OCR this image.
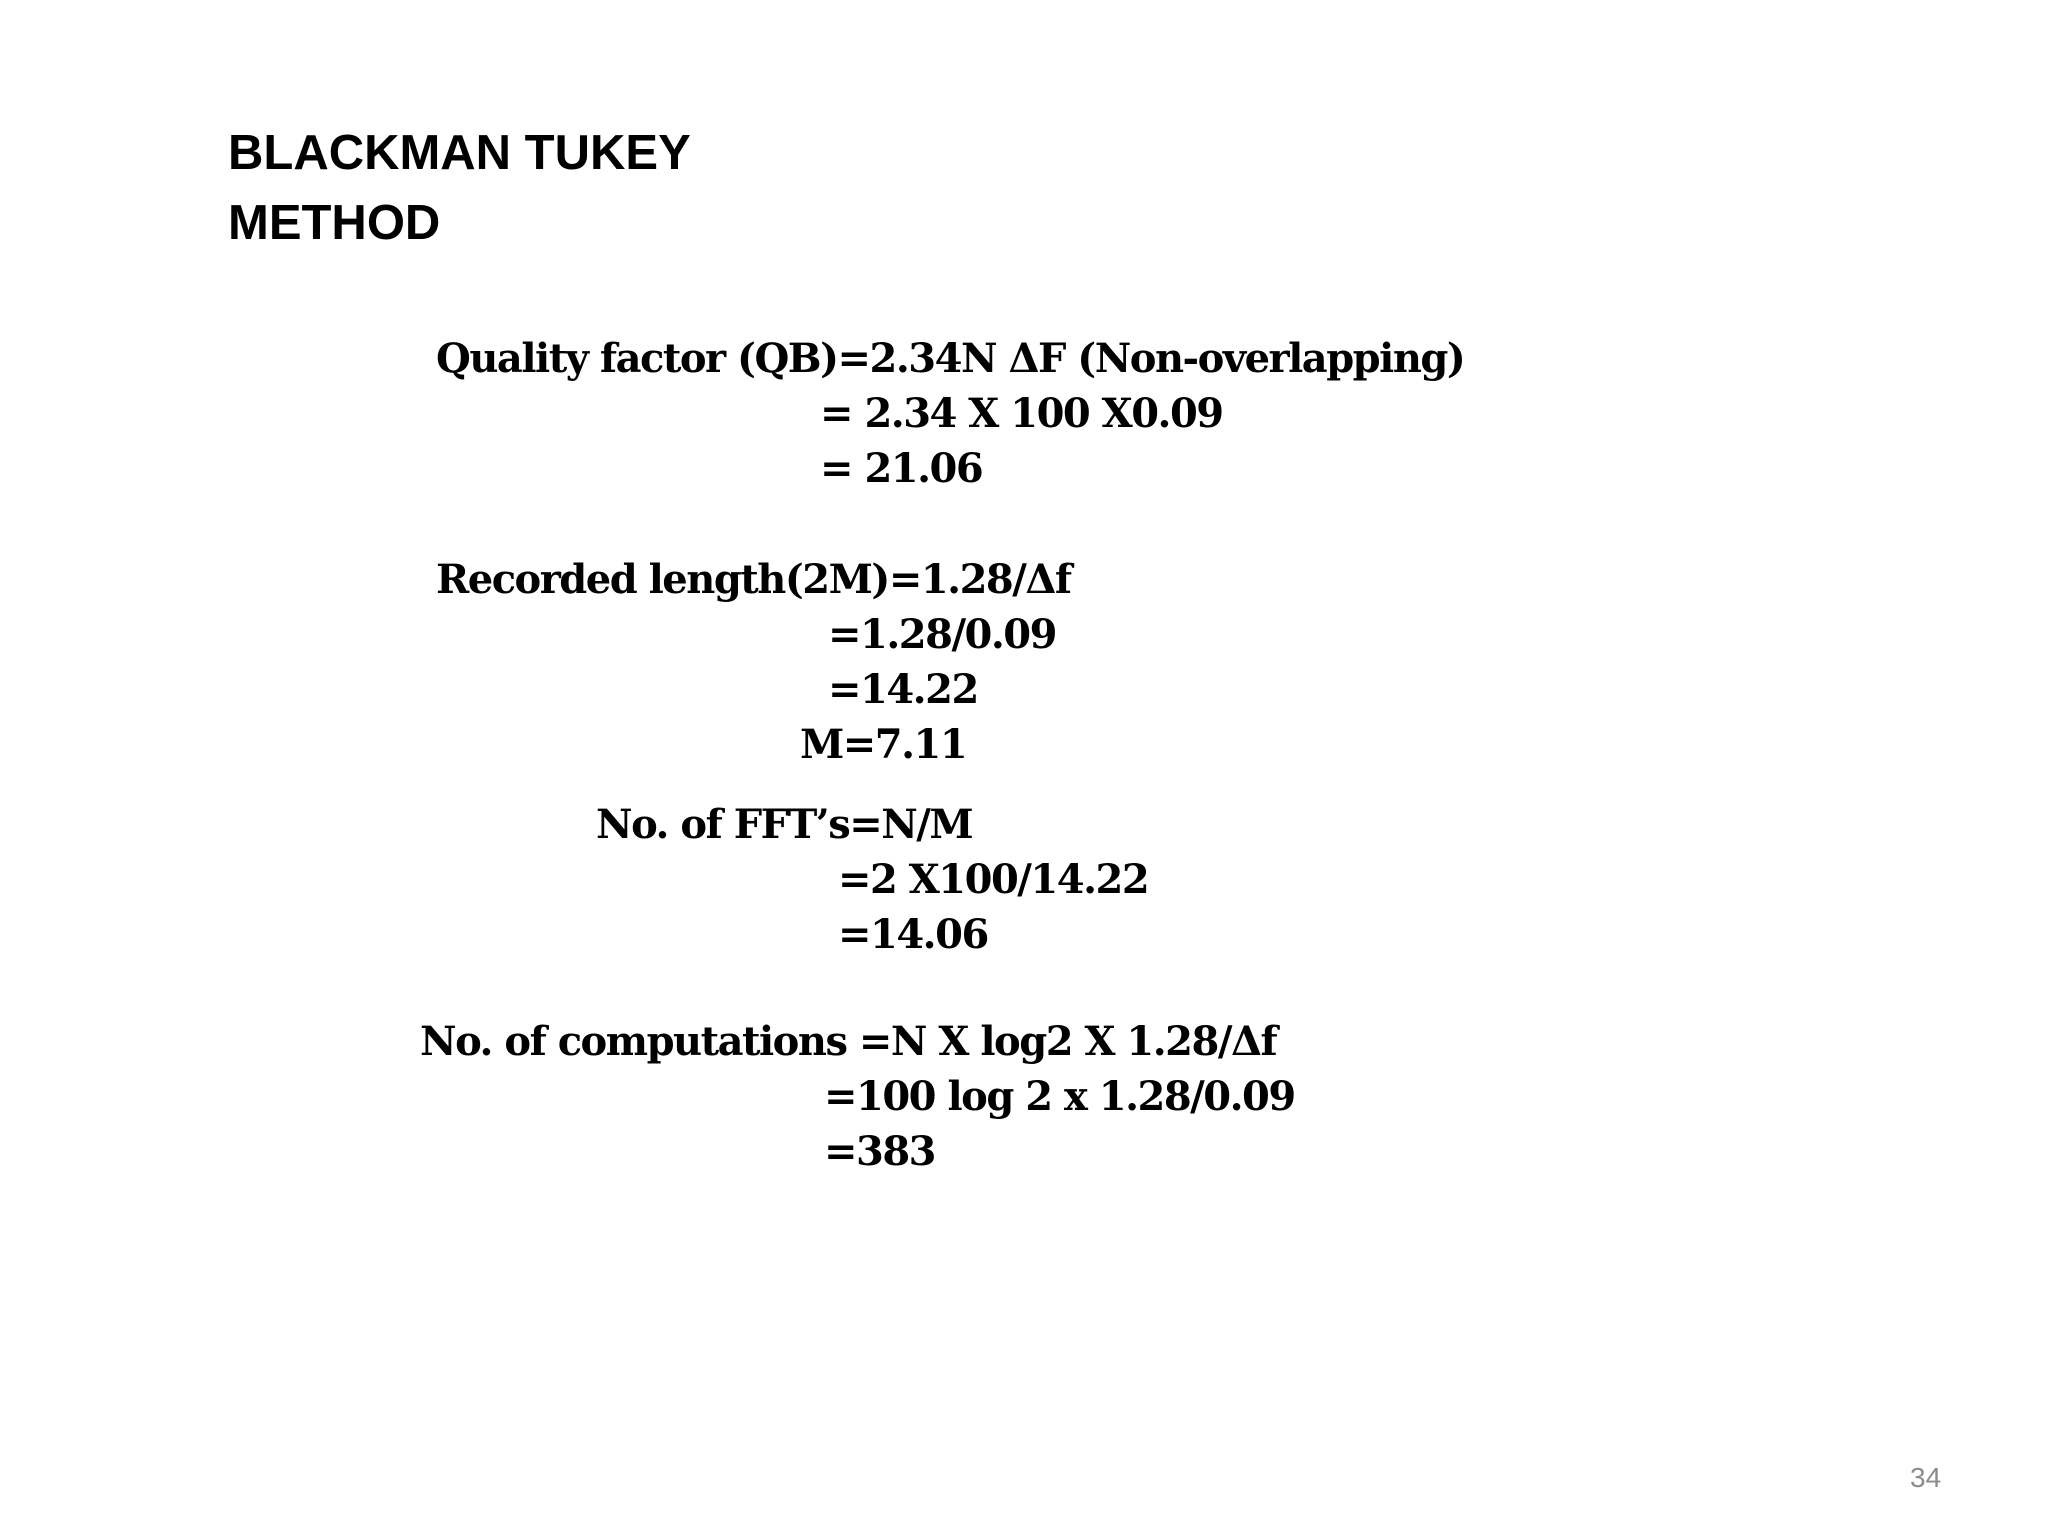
BLACKMAN TUKEY
METHOD
Quality factor (QB)=2.34N ΔF (Non-overlapping)
= 2.34 X 100 X0.09
= 21.06
Recorded length(2M)=1.28/Δf
=1.28/0.09
=14.22
M=7.11
No. of FFT’s=N/M
=2 X100/14.22
=14.06
No. of computations =N X log2 X 1.28/Δf
=100 log 2 x 1.28/0.09
=383
34
